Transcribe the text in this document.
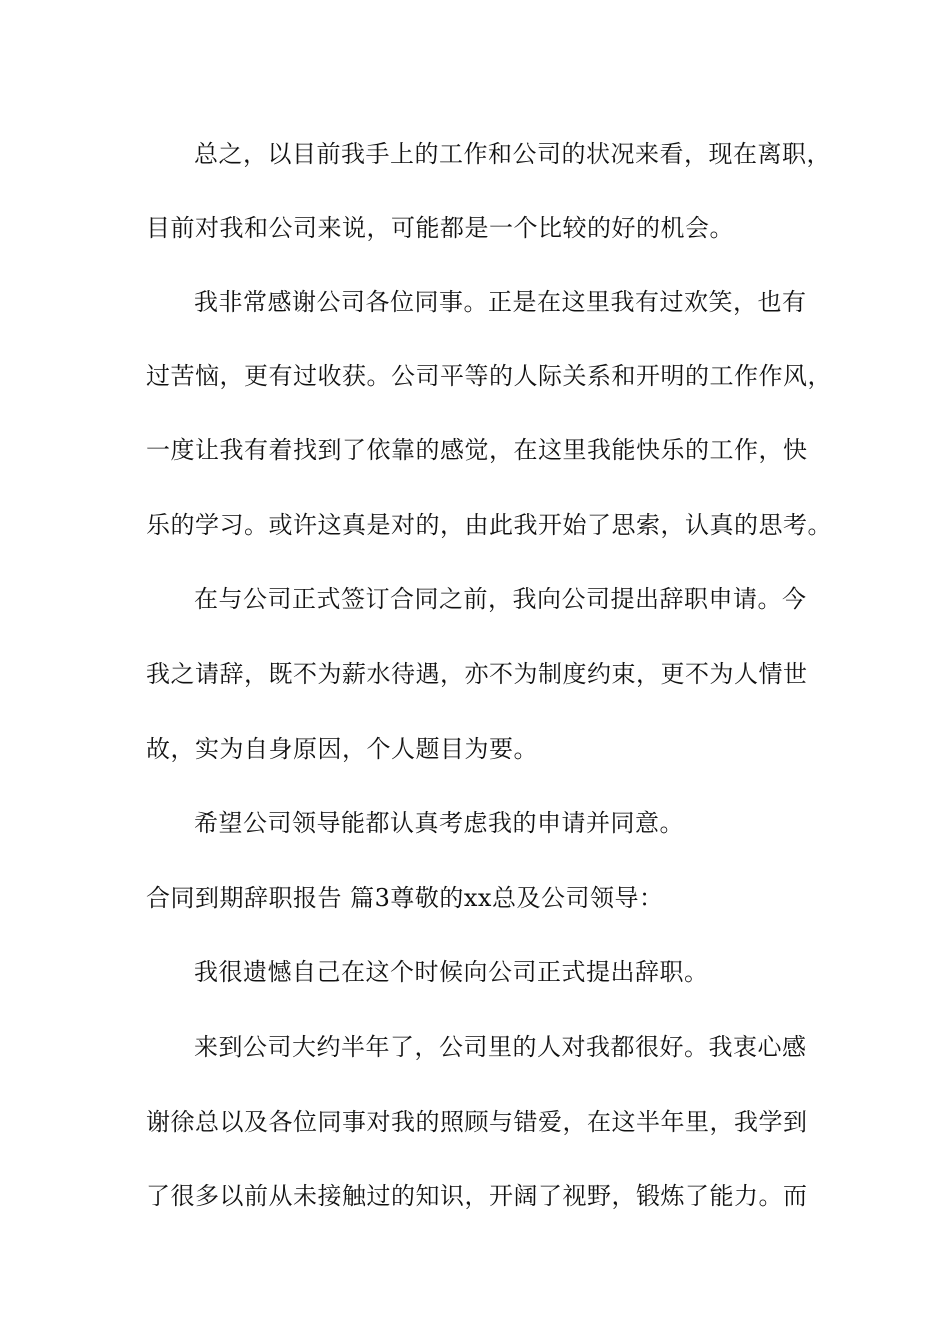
总之，以目前我手上的工作和公司的状况来看，现在离职，
目前对我和公司来说，可能都是一个比较的好的机会。
我非常感谢公司各位同事。正是在这里我有过欢笑，也有
过苦恼，更有过收获。公司平等的人际关系和开明的工作作风，
一度让我有着找到了依靠的感觉，在这里我能快乐的工作，快
乐的学习。或许这真是对的，由此我开始了思索，认真的思考。
在与公司正式签订合同之前，我向公司提出辞职申请。今
我之请辞，既不为薪水待遇，亦不为制度约束，更不为人情世
故，实为自身原因，个人题目为要。
希望公司领导能都认真考虑我的申请并同意。
合同到期辞职报告 篇3尊敬的xx总及公司领导：
我很遗憾自己在这个时候向公司正式提出辞职。
来到公司大约半年了，公司里的人对我都很好。我衷心感
谢徐总以及各位同事对我的照顾与错爱，在这半年里，我学到
了很多以前从未接触过的知识，开阔了视野，锻炼了能力。而
